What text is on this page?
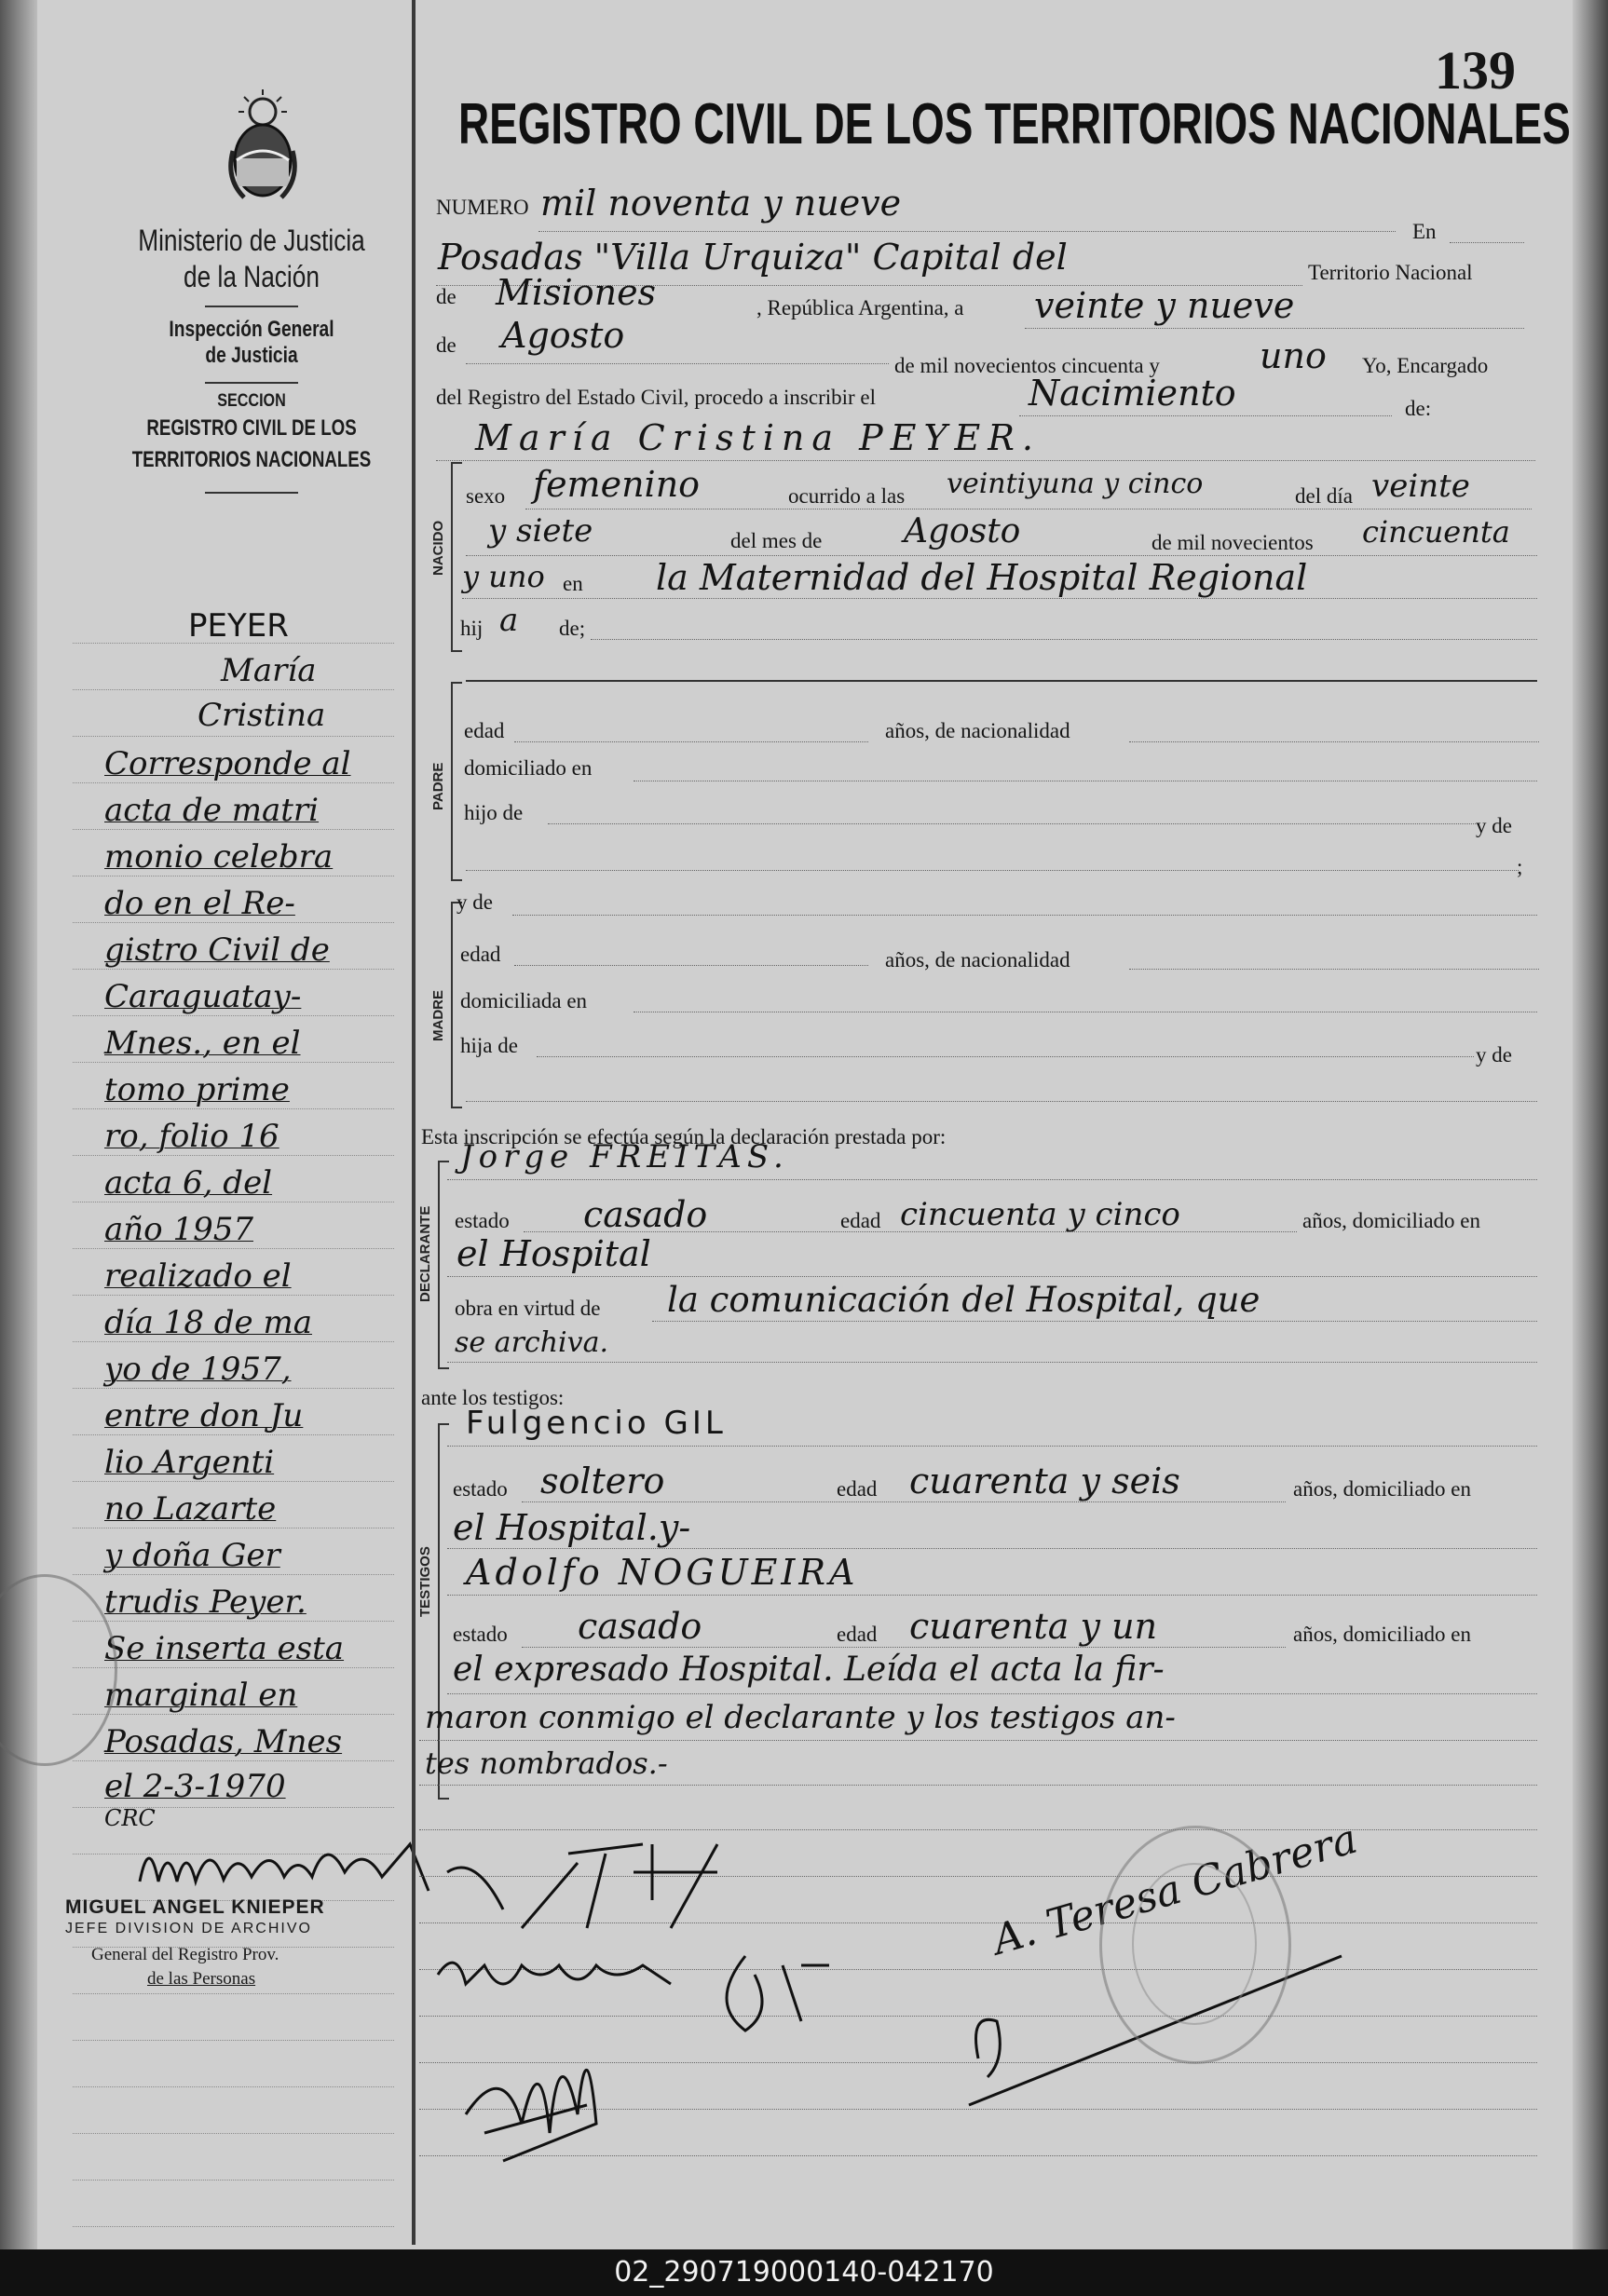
139
Ministerio de Justicia
de la Nación
Inspección General
de Justicia
SECCION
REGISTRO CIVIL DE LOS
TERRITORIOS NACIONALES
PEYER
María
Cristina
Corresponde al
acta de matri
monio celebra
do en el Re-
gistro Civil de
Caraguatay-
Mnes., en el
tomo prime
ro, folio 16
acta 6, del
año 1957
realizado el
día 18 de ma
yo de 1957,
entre don Ju
lio Argenti
no Lazarte
y doña Ger
trudis Peyer.
Se inserta esta
marginal en
Posadas, Mnes
el 2-3-1970
CRC
MIGUEL ANGEL KNIEPER
JEFE DIVISION DE ARCHIVO
General del Registro Prov.
de las Personas
REGISTRO CIVIL DE LOS TERRITORIOS NACIONALES
NUMERO mil noventa y nueve
En
Posadas "Villa Urquiza" Capital del	Territorio Nacional
de Misiones	, República Argentina, a veinte y nueve
de Agosto
de mil novecientos cincuenta y	uno Yo, Encargado
del Registro del Estado Civil, procedo a inscribir el	Nacimiento	de:
María Cristina PEYER.
NACIDO
sexo femenino	ocurrido a las veintiyuna y cinco	del día veinte
y siete	del mes de Agosto	de mil novecientos cincuenta
y uno en la Maternidad del Hospital Regional
hij a de;
PADRE
edad	años, de nacionalidad
domiciliado en
hijo de
y de
;
MADRE
y de
edad	años, de nacionalidad
domiciliada en
hija de	y de
Esta inscripción se efectúa según la declaración prestada por:
DECLARANTE
Jorge FREITAS.
estado casado	edad cincuenta y cinco	años, domiciliado en
el Hospital
obra en virtud de la comunicación del Hospital, que
se archiva.
ante los testigos:
TESTIGOS
Fulgencio GIL
estado soltero	edad cuarenta y seis	años, domiciliado en
el Hospital.y-
Adolfo NOGUEIRA
estado casado	edad cuarenta y un	años, domiciliado en
el expresado Hospital. Leída el acta la fir-
maron conmigo el declarante y los testigos an-
tes nombrados.-
A. Teresa Cabrera
02_290719000140-042170
